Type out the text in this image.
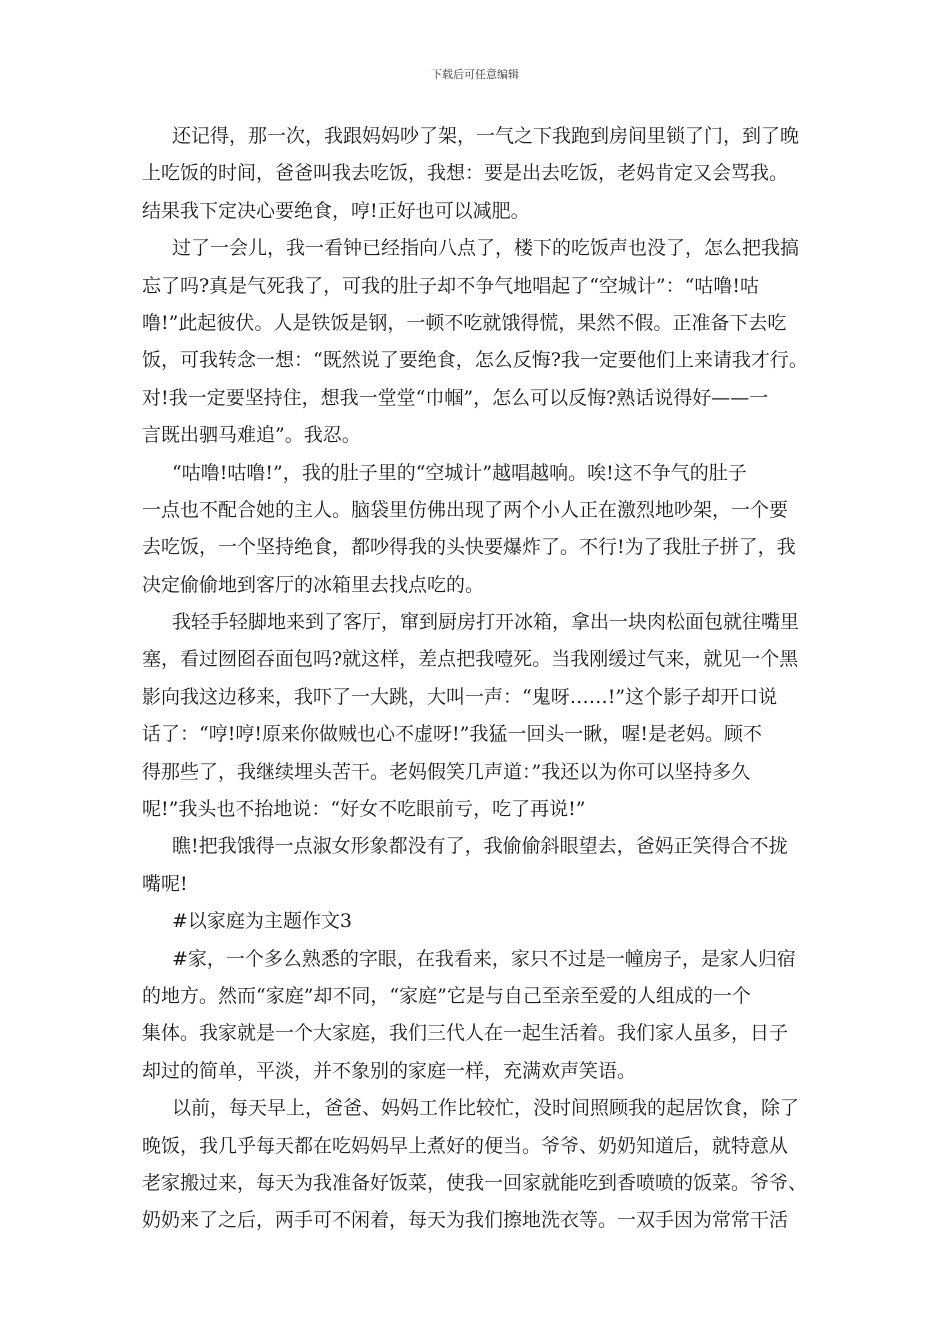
下载后可任意编辑
还记得，那一次，我跟妈妈吵了架，一气之下我跑到房间里锁了门，到了晚
上吃饭的时间，爸爸叫我去吃饭，我想：要是出去吃饭，老妈肯定又会骂我。
结果我下定决心要绝食，哼!正好也可以减肥。
过了一会儿，我一看钟已经指向八点了，楼下的吃饭声也没了，怎么把我搞
忘了吗?真是气死我了，可我的肚子却不争气地唱起了“空城计”：“咕噜!咕
噜!”此起彼伏。人是铁饭是钢，一顿不吃就饿得慌，果然不假。正准备下去吃
饭，可我转念一想：“既然说了要绝食，怎么反悔?我一定要他们上来请我才行。
对!我一定要坚持住，想我一堂堂“巾帼”，怎么可以反悔?熟话说得好——一
言既出驷马难追”。我忍。
“咕噜!咕噜!”，我的肚子里的“空城计”越唱越响。唉!这不争气的肚子
一点也不配合她的主人。脑袋里仿佛出现了两个小人正在激烈地吵架，一个要
去吃饭，一个坚持绝食，都吵得我的头快要爆炸了。不行!为了我肚子拼了，我
决定偷偷地到客厅的冰箱里去找点吃的。
我轻手轻脚地来到了客厅，窜到厨房打开冰箱，拿出一块肉松面包就往嘴里
塞，看过囫囵吞面包吗?就这样，差点把我噎死。当我刚缓过气来，就见一个黑
影向我这边移来，我吓了一大跳，大叫一声：“鬼呀……!”这个影子却开口说
话了：“哼!哼!原来你做贼也心不虚呀!”我猛一回头一瞅，喔!是老妈。顾不
得那些了，我继续埋头苦干。老妈假笑几声道：”我还以为你可以坚持多久
呢!”我头也不抬地说：“好女不吃眼前亏，吃了再说!”
瞧!把我饿得一点淑女形象都没有了，我偷偷斜眼望去，爸妈正笑得合不拢
嘴呢!
#以家庭为主题作文3
#家，一个多么熟悉的字眼，在我看来，家只不过是一幢房子，是家人归宿
的地方。然而“家庭”却不同，“家庭”它是与自己至亲至爱的人组成的一个
集体。我家就是一个大家庭，我们三代人在一起生活着。我们家人虽多，日子
却过的简单，平淡，并不象别的家庭一样，充满欢声笑语。
以前，每天早上，爸爸、妈妈工作比较忙，没时间照顾我的起居饮食，除了
晚饭，我几乎每天都在吃妈妈早上煮好的便当。爷爷、奶奶知道后，就特意从
老家搬过来，每天为我准备好饭菜，使我一回家就能吃到香喷喷的饭菜。爷爷、
奶奶来了之后，两手可不闲着，每天为我们擦地洗衣等。一双手因为常常干活
